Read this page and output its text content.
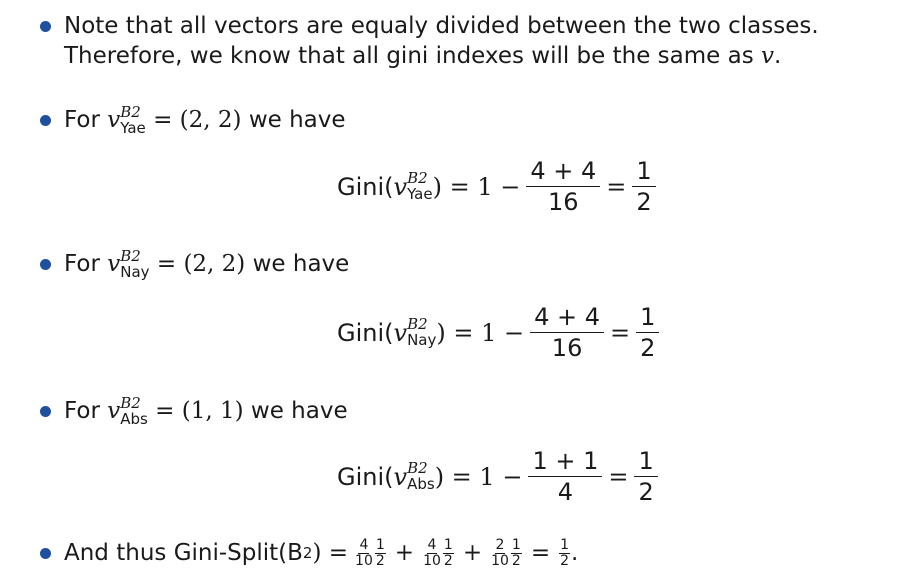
Note that all vectors are equaly divided between the two classes.
Therefore, we know that all gini indexes will be the same as v.
For v B2
Yae = (2, 2) we have
Gini( v B2
Yae ) = $1 - \frac{4 + 4}{16} = \frac{1}{2}$
For v B2
Nay = (2, 2) we have
Gini( v B2
Nay ) = $1 - \frac{4 + 4}{16} = \frac{1}{2}$
For v B2
Abs = (1, 1) we have
Gini( v B2
Abs ) = $1 - \frac{1 + 1}{4} = \frac{1}{2}$
And thus Gini-Split(B 2 ) = $\frac{4}{10} \frac{1}{2} + \frac{4}{10} \frac{1}{2} + \frac{2}{10} \frac{1}{2} = \frac{1}{2}$ .
